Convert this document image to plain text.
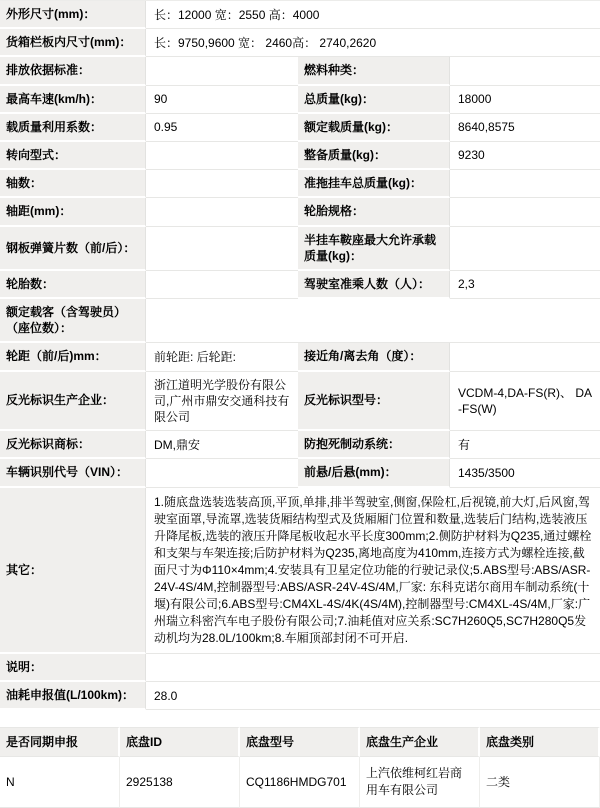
外形尺寸(mm)：	长：12000 宽：2550 高：4000		
货箱栏板内尺寸(mm)：	长：9750,9600 宽： 2460高： 2740,2620		
排放依据标准：		燃料种类：	
最高车速(km/h)：	90	总质量(kg)：	18000
载质量利用系数：	0.95	额定载质量(kg)：	8640,8575
转向型式：		整备质量(kg)：	9230
轴数：		准拖挂车总质量(kg)：	
轴距(mm)：		轮胎规格：	
钢板弹簧片数（前/后）：		半挂车鞍座最大允许承载质量(kg)：	
轮胎数：		驾驶室准乘人数（人）：	2,3
额定载客（含驾驶员）（座位数）：			
轮距（前/后)mm：	前轮距: 后轮距:	接近角/离去角（度）：	
反光标识生产企业：	浙江道明光学股份有限公司,广州市鼎安交通科技有限公司	反光标识型号：	VCDM-4,DA-FS(R)、 DA-FS(W)
反光标识商标：	DM,鼎安	防抱死制动系统：	有
车辆识别代号（VIN）：		前悬/后悬(mm)：	1435/3500
其它：	1.随底盘选装选装高顶,平顶,单排,排半驾驶室,侧窗,保险杠,后视镜,前大灯,后风窗,驾驶室面罩,导流罩,选装货厢结构型式及货厢厢门位置和数量,选装后门结构,选装液压升降尾板,选装的液压升降尾板收起水平长度300mm;2.侧防护材料为Q235,通过螺栓和支架与车架连接;后防护材料为Q235,离地高度为410mm,连接方式为螺栓连接,截面尺寸为Φ110×4mm;4.安装具有卫星定位功能的行驶记录仪;5.ABS型号:ABS/ASR-24V-4S/4M,控制器型号:ABS/ASR-24V-4S/4M,厂家: 东科克诺尔商用车制动系统(十堰)有限公司;6.ABS型号:CM4XL-4S/4K(4S/4M),控制器型号:CM4XL-4S/4M,厂家:广州瑞立科密汽车电子股份有限公司;7.油耗值对应关系:SC7H260Q5,SC7H280Q5发动机均为28.0L/100km;8.车厢顶部封闭不可开启.		
说明：			
油耗申报值(L/100km)：	28.0		
是否同期申报	底盘ID	底盘型号	底盘生产企业	底盘类别
N	2925138	CQ1186HMDG701	上汽依维柯红岩商用车有限公司	二类
